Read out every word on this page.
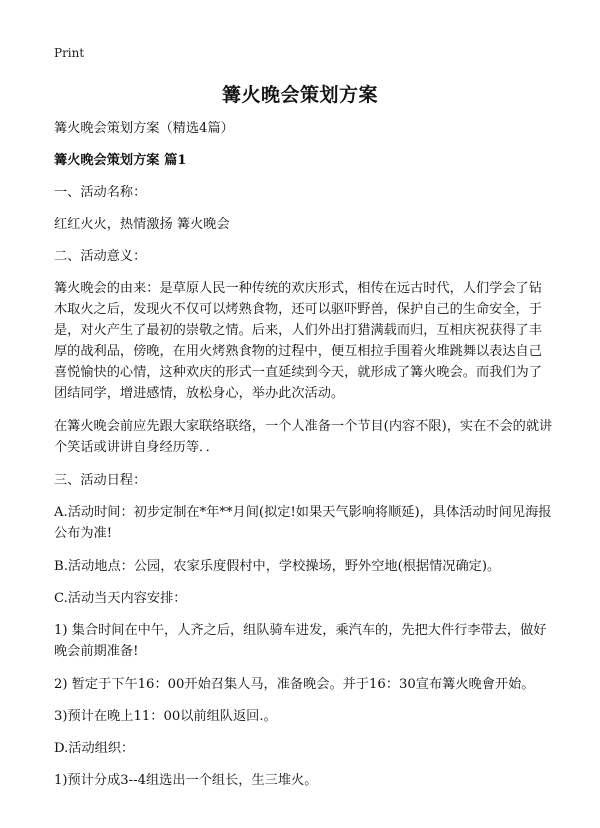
Print
篝火晚会策划方案

篝火晚会策划方案（精选4篇）

篝火晚会策划方案 篇1

一、活动名称：

红红火火，热情激扬 篝火晚会

二、活动意义：

篝火晚会的由来：是草原人民一种传统的欢庆形式，相传在远古时代，人们学会了钻木取火之后，发现火不仅可以烤熟食物，还可以驱吓野兽，保护自己的生命安全，于是，对火产生了最初的崇敬之情。后来，人们外出打猎满载而归，互相庆祝获得了丰厚的战利品，傍晚，在用火烤熟食物的过程中，便互相拉手围着火堆跳舞以表达自己喜悦愉快的心情，这种欢庆的形式一直延续到今天，就形成了篝火晚会。而我们为了团结同学，增进感情，放松身心，举办此次活动。

在篝火晚会前应先跟大家联络联络，一个人准备一个节目(内容不限)，实在不会的就讲个笑话或讲讲自身经历等．．

三、活动日程：

A.活动时间：初步定制在*年**月间(拟定!如果天气影响将顺延)，具体活动时间见海报公布为准!

B.活动地点：公园，农家乐度假村中，学校操场，野外空地(根据情况确定)。

C.活动当天内容安排：

1) 集合时间在中午，人齐之后，组队骑车进发，乘汽车的，先把大件行李带去，做好晚会前期准备!

2) 暂定于下午16：00开始召集人马，准备晚会。并于16：30宣布篝火晚會开始。

3)预计在晚上11：00以前组队返回.。

D.活动组织：

1)预计分成3--4组选出一个组长，生三堆火。
